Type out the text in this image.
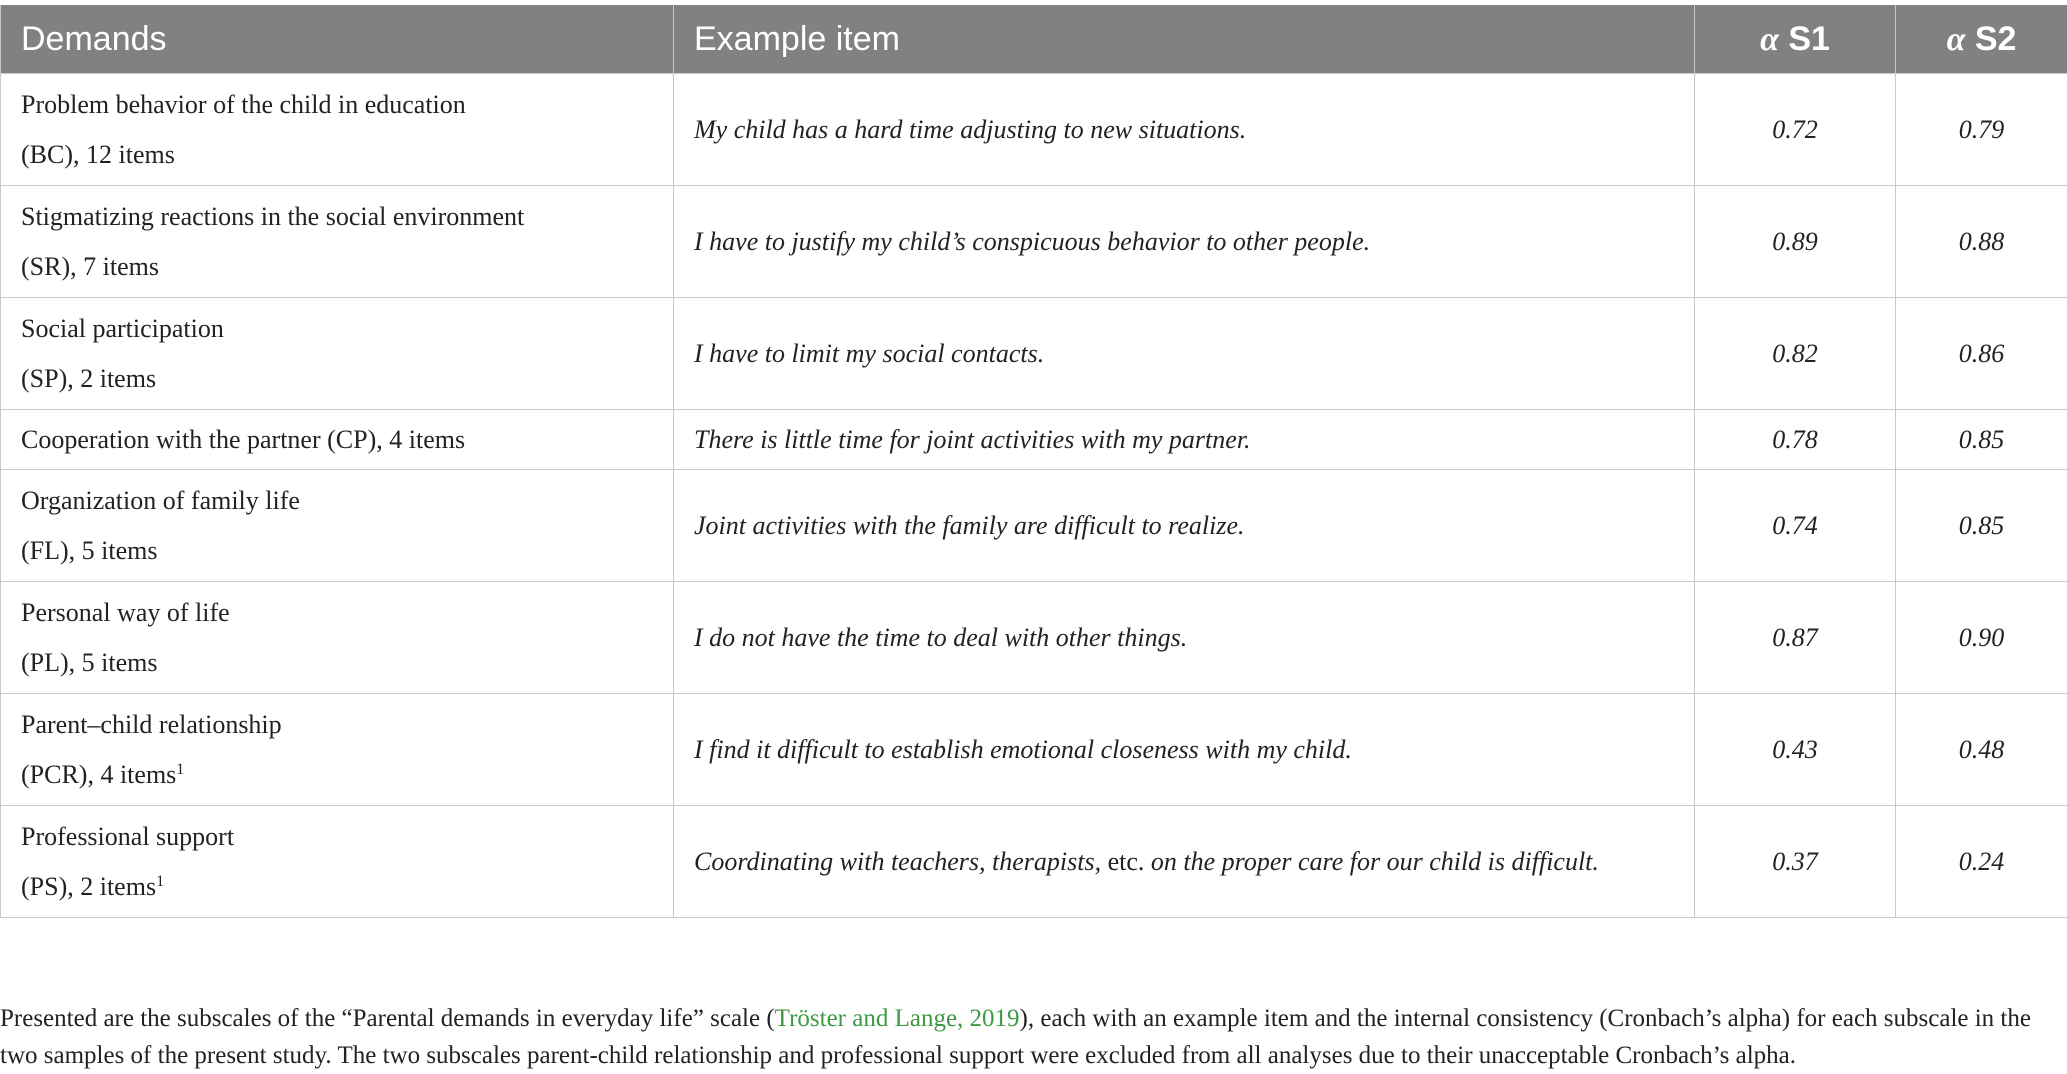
Demands	Example item	α S1	α S2
Problem behavior of the child in education
(BC), 12 items	My child has a hard time adjusting to new situations.	0.72	0.79
Stigmatizing reactions in the social environment
(SR), 7 items	I have to justify my child’s conspicuous behavior to other people.	0.89	0.88
Social participation
(SP), 2 items	I have to limit my social contacts.	0.82	0.86
Cooperation with the partner (CP), 4 items	There is little time for joint activities with my partner.	0.78	0.85
Organization of family life
(FL), 5 items	Joint activities with the family are difficult to realize.	0.74	0.85
Personal way of life
(PL), 5 items	I do not have the time to deal with other things.	0.87	0.90
Parent–child relationship
(PCR), 4 items$^1$	I find it difficult to establish emotional closeness with my child.	0.43	0.48
Professional support
(PS), 2 items$^1$	Coordinating with teachers, therapists, etc. on the proper care for our child is difficult.	0.37	0.24

Presented are the subscales of the “Parental demands in everyday life” scale (Tröster and Lange, 2019), each with an example item and the internal consistency (Cronbach’s alpha) for each subscale in the two samples of the present study. The two subscales parent-child relationship and professional support were excluded from all analyses due to their unacceptable Cronbach’s alpha.
